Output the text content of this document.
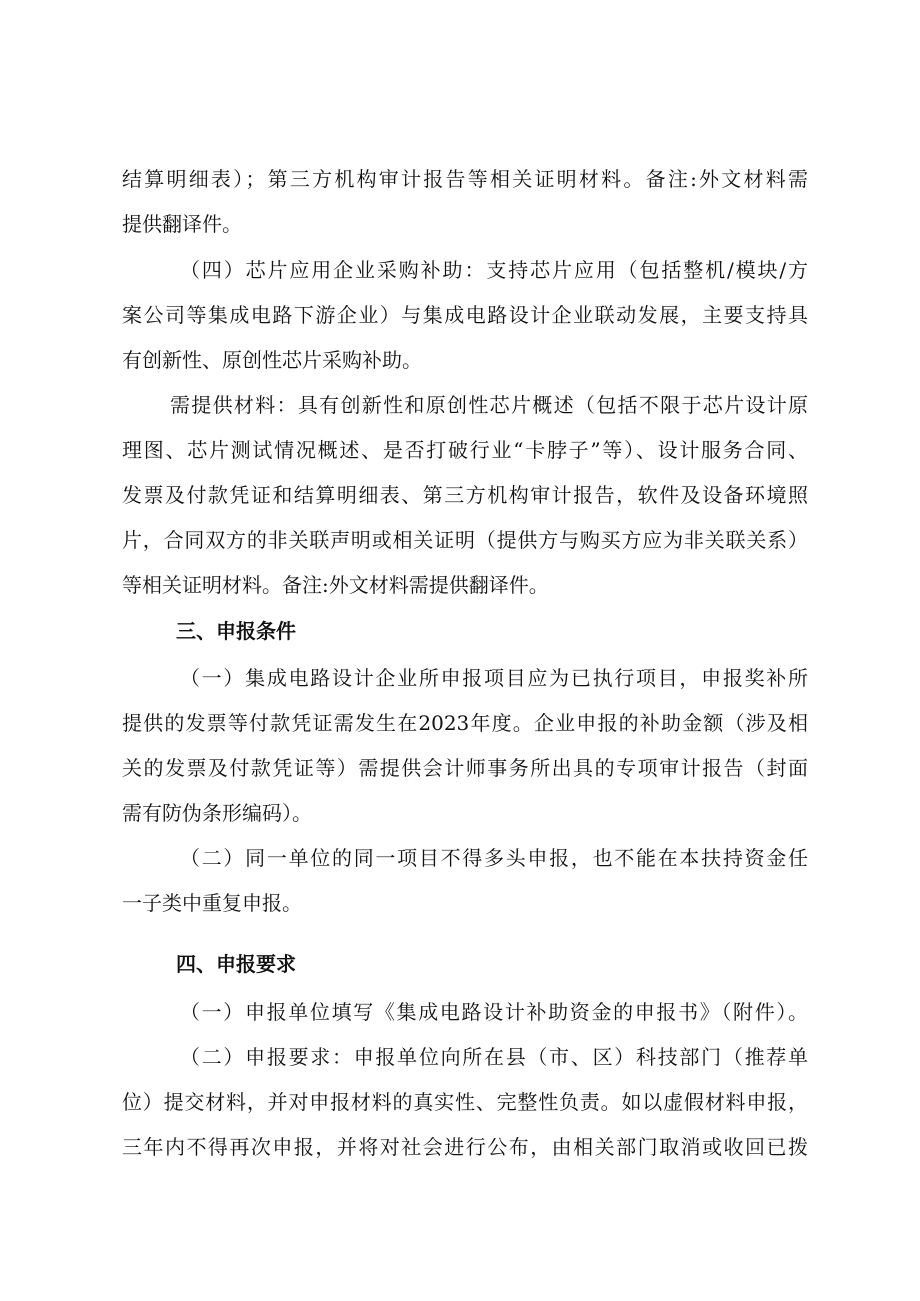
结算明细表）；第三方机构审计报告等相关证明材料。备注:外文材料需
提供翻译件。
（四）芯片应用企业采购补助：支持芯片应用（包括整机/模块/方
案公司等集成电路下游企业）与集成电路设计企业联动发展，主要支持具
有创新性、原创性芯片采购补助。
需提供材料：具有创新性和原创性芯片概述（包括不限于芯片设计原
理图、芯片测试情况概述、是否打破行业“卡脖子”等）、设计服务合同、
发票及付款凭证和结算明细表、第三方机构审计报告，软件及设备环境照
片，合同双方的非关联声明或相关证明（提供方与购买方应为非关联关系）
等相关证明材料。备注:外文材料需提供翻译件。
三、申报条件
（一）集成电路设计企业所申报项目应为已执行项目，申报奖补所
提供的发票等付款凭证需发生在2023年度。企业申报的补助金额（涉及相
关的发票及付款凭证等）需提供会计师事务所出具的专项审计报告（封面
需有防伪条形编码）。
（二）同一单位的同一项目不得多头申报，也不能在本扶持资金任
一子类中重复申报。
四、申报要求
（一）申报单位填写《集成电路设计补助资金的申报书》（附件）。
（二）申报要求：申报单位向所在县（市、区）科技部门（推荐单
位）提交材料，并对申报材料的真实性、完整性负责。如以虚假材料申报，
三年内不得再次申报，并将对社会进行公布，由相关部门取消或收回已拨
